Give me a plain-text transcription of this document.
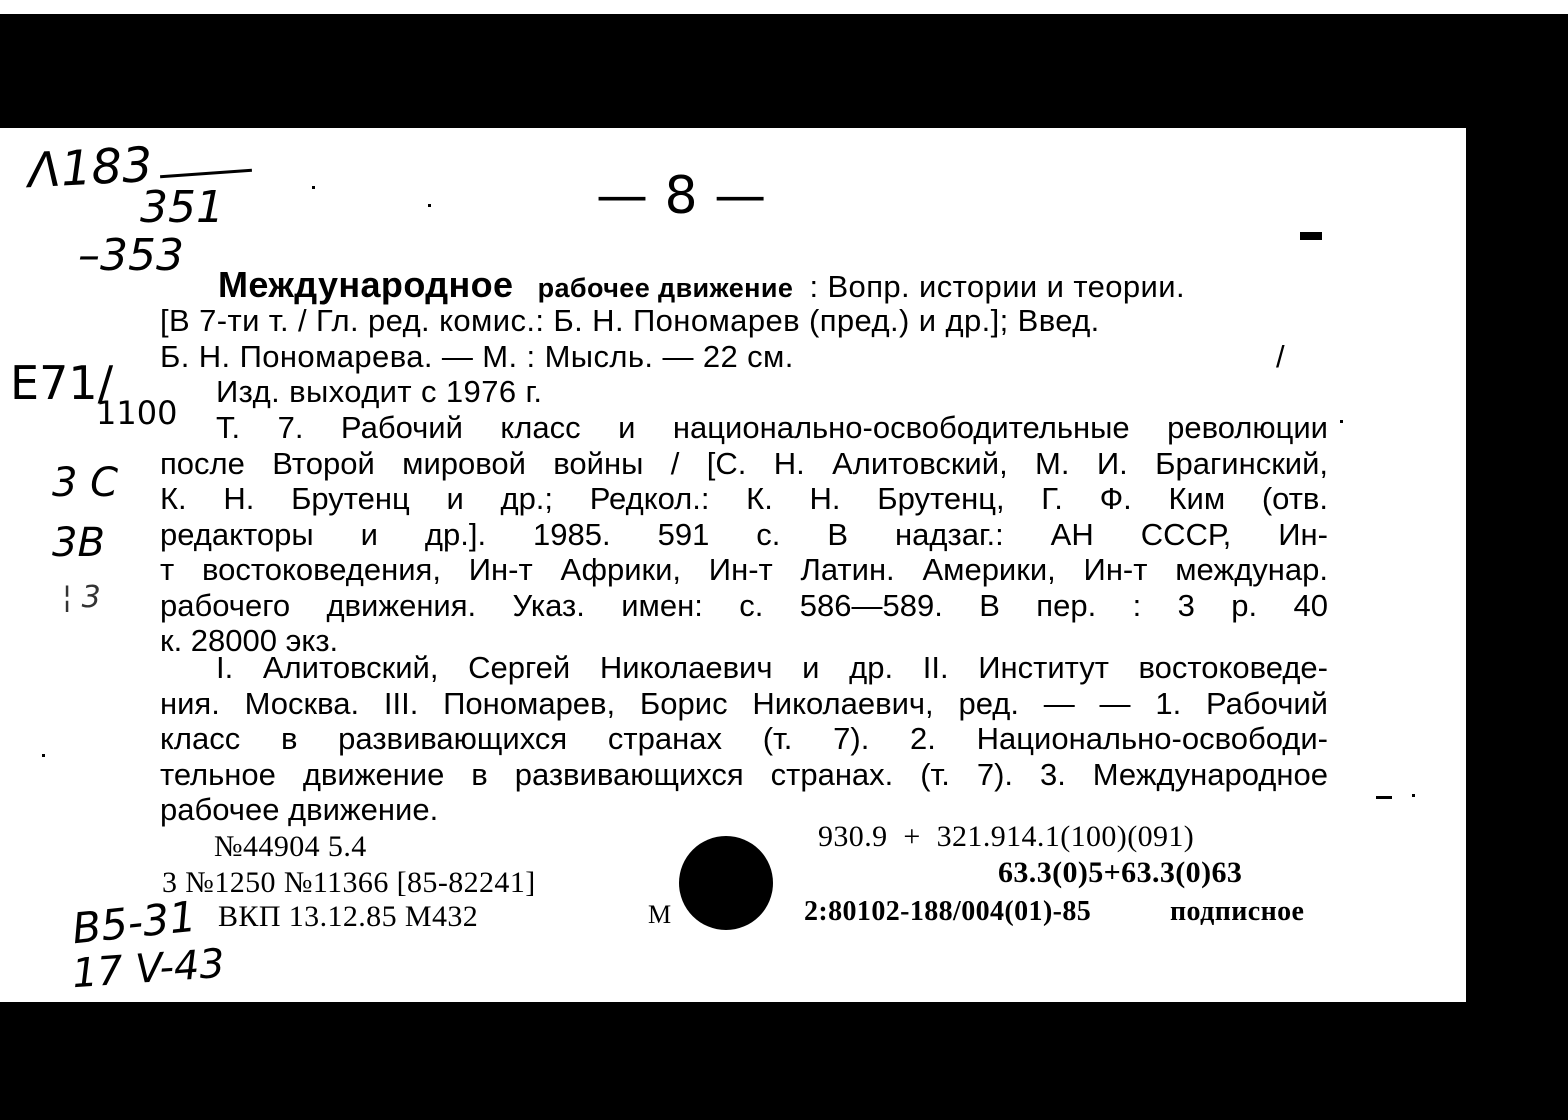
Λ183
351
–353
E71/
1100
3 C
3B
¦ 3
— 8 —
B5-31
17 V-43
Международное рабочее движение : Вопр. истории и теории.
[В 7-ти т. / Гл. ред. комис.: Б. Н. Пономарев (пред.) и др.]; Введ.
Б. Н. Пономарева. — М. : Мысль. — 22 см.	/
Изд. выходит с 1976 г.
Т. 7. Рабочий класс и национально-освободительные революции
после Второй мировой войны / [С. Н. Алитовский, М. И. Брагинский,
К. Н. Брутенц и др.; Редкол.: К. Н. Брутенц, Г. Ф. Ким (отв.
редакторы и др.]. 1985. 591 с. В надзаг.: АН СССР, Ин-
т востоковедения, Ин-т Африки, Ин-т Латин. Америки, Ин-т междунар.
рабочего движения. Указ. имен: с. 586—589. В пер. : 3 р. 40
к. 28000 экз.
I. Алитовский, Сергей Николаевич и др. II. Институт востоковеде-
ния. Москва. III. Пономарев, Борис Николаевич, ред. — — 1. Рабочий
класс в развивающихся странах (т. 7). 2. Национально-освободи-
тельное движение в развивающихся странах. (т. 7). 3. Международное
рабочее движение.
№44904 5.4
3 №1250 №11366 [85-82241]
ВКП 13.12.85 М432
930.9 + 321.914.1(100)(091)
63.3(0)5+63.3(0)63
М	2:80102-188/004(01)-85	подписное
